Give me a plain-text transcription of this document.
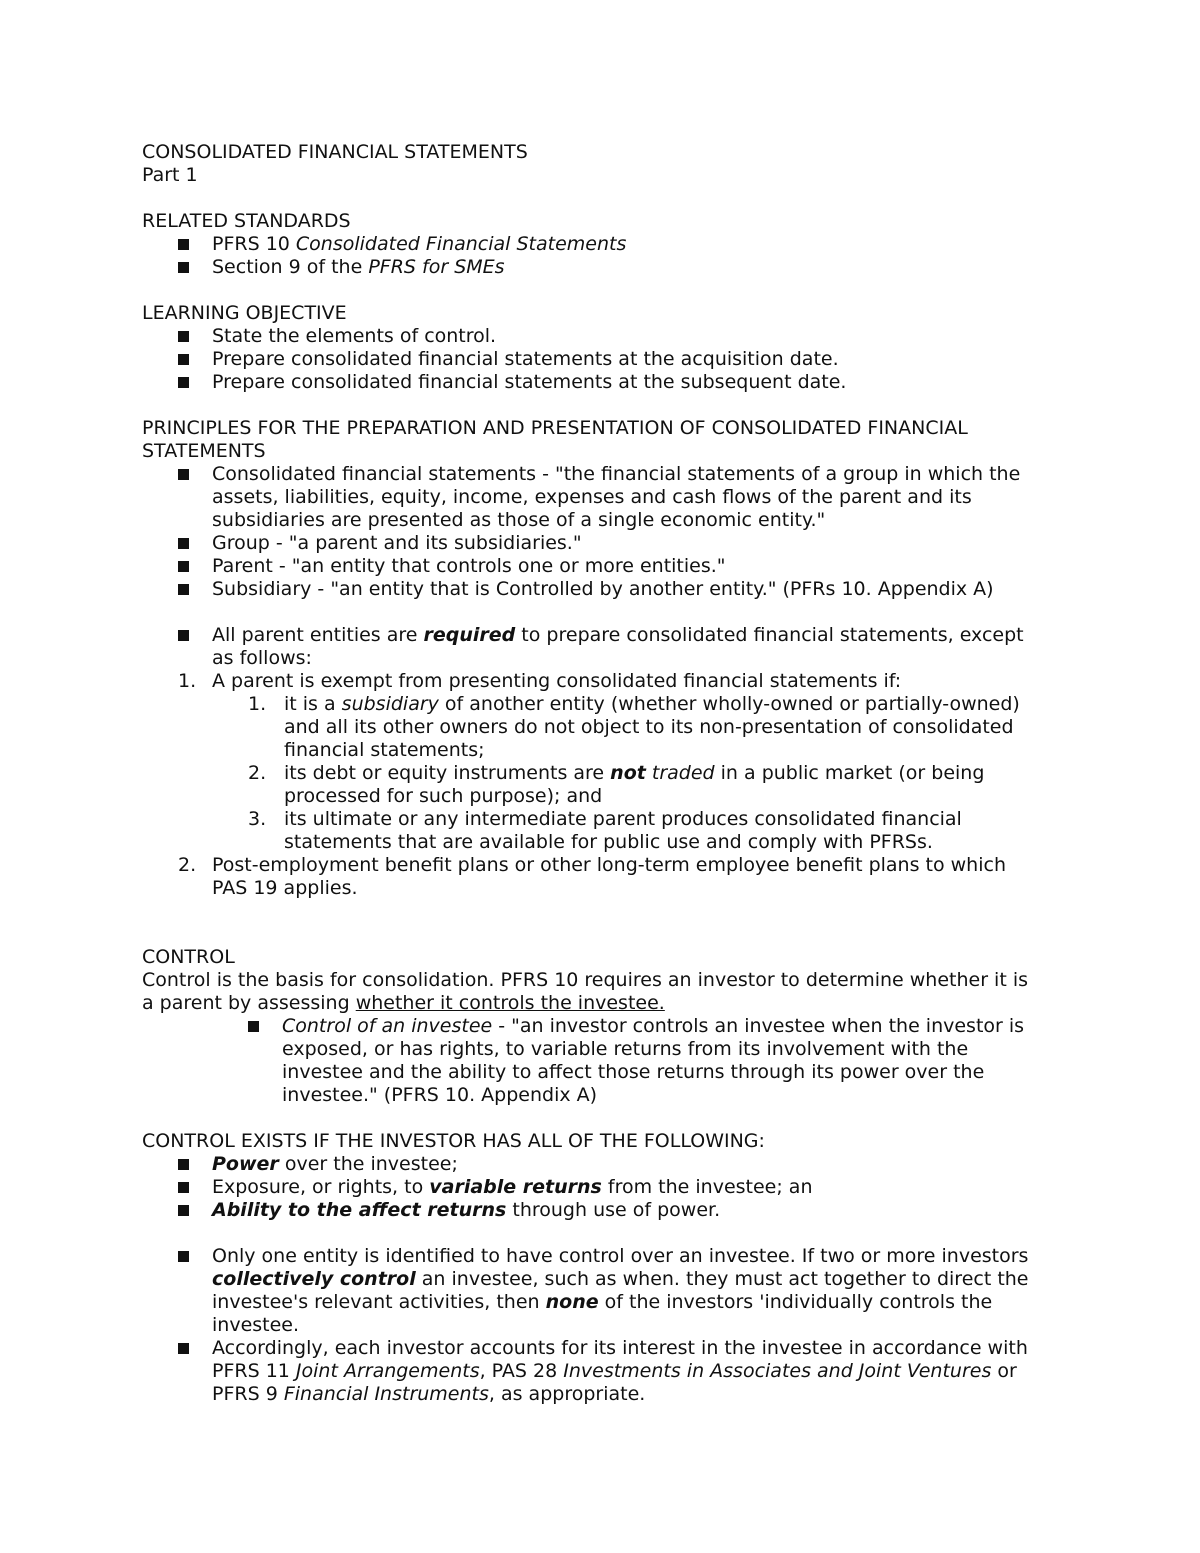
CONSOLIDATED FINANCIAL STATEMENTS
Part 1
RELATED STANDARDS
PFRS 10 Consolidated Financial Statements
Section 9 of the PFRS for SMEs
LEARNING OBJECTIVE
State the elements of control.
Prepare consolidated financial statements at the acquisition date.
Prepare consolidated financial statements at the subsequent date.
PRINCIPLES FOR THE PREPARATION AND PRESENTATION OF CONSOLIDATED FINANCIAL
STATEMENTS
Consolidated financial statements - "the financial statements of a group in which the
assets, liabilities, equity, income, expenses and cash flows of the parent and its
subsidiaries are presented as those of a single economic entity."
Group - "a parent and its subsidiaries."
Parent - "an entity that controls one or more entities."
Subsidiary - "an entity that is Controlled by another entity." (PFRs 10. Appendix A)
All parent entities are required to prepare consolidated financial statements, except
as follows:
1. A parent is exempt from presenting consolidated financial statements if:
1. it is a subsidiary of another entity (whether wholly-owned or partially-owned)
and all its other owners do not object to its non-presentation of consolidated
financial statements;
2. its debt or equity instruments are not traded in a public market (or being
processed for such purpose); and
3. its ultimate or any intermediate parent produces consolidated financial
statements that are available for public use and comply with PFRSs.
2. Post-employment benefit plans or other long-term employee benefit plans to which
PAS 19 applies.
CONTROL
Control is the basis for consolidation. PFRS 10 requires an investor to determine whether it is
a parent by assessing whether it controls the investee.
Control of an investee - "an investor controls an investee when the investor is
exposed, or has rights, to variable returns from its involvement with the
investee and the ability to affect those returns through its power over the
investee." (PFRS 10. Appendix A)
CONTROL EXISTS IF THE INVESTOR HAS ALL OF THE FOLLOWING:
Power over the investee;
Exposure, or rights, to variable returns from the investee; an
Ability to the affect returns through use of power.
Only one entity is identified to have control over an investee. If two or more investors
collectively control an investee, such as when. they must act together to direct the
investee's relevant activities, then none of the investors 'individually controls the
investee.
Accordingly, each investor accounts for its interest in the investee in accordance with
PFRS 11 Joint Arrangements, PAS 28 Investments in Associates and Joint Ventures or
PFRS 9 Financial Instruments, as appropriate.
